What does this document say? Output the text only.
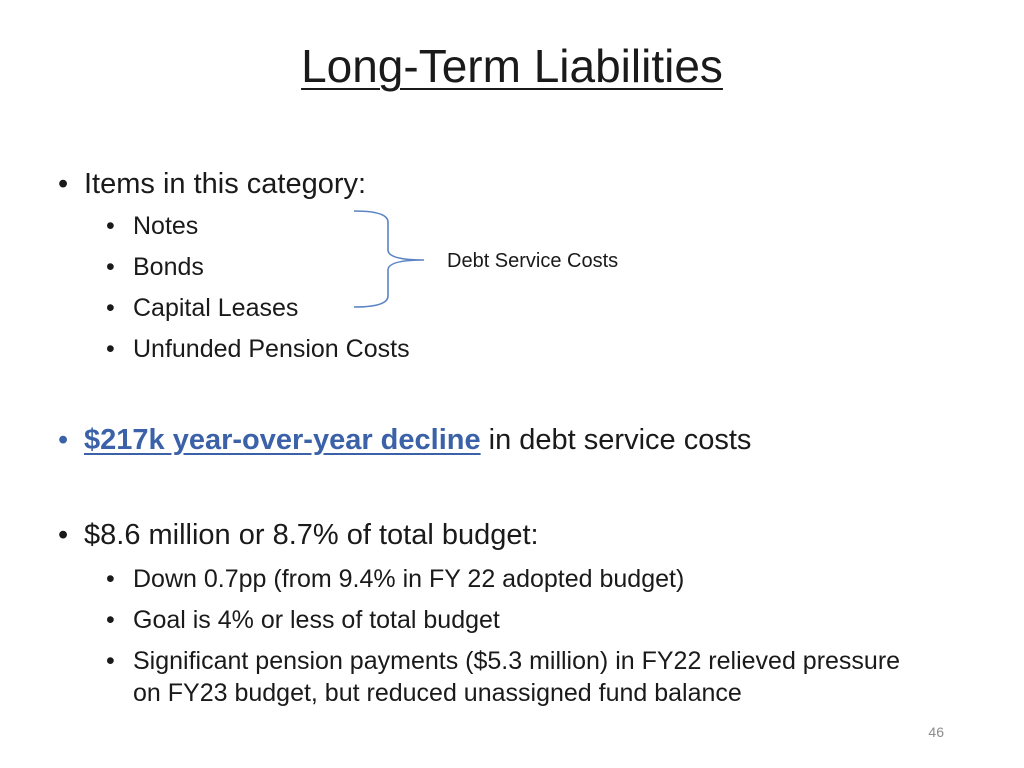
Long-Term Liabilities
• Items in this category:
• Notes
• Bonds
• Capital Leases
• Unfunded Pension Costs
Debt Service Costs
• $217k year-over-year decline in debt service costs
• $8.6 million or 8.7% of total budget:
• Down 0.7pp (from 9.4% in FY 22 adopted budget)
• Goal is 4% or less of total budget
• Significant pension payments ($5.3 million) in FY22 relieved pressure on FY23 budget, but reduced unassigned fund balance
46
